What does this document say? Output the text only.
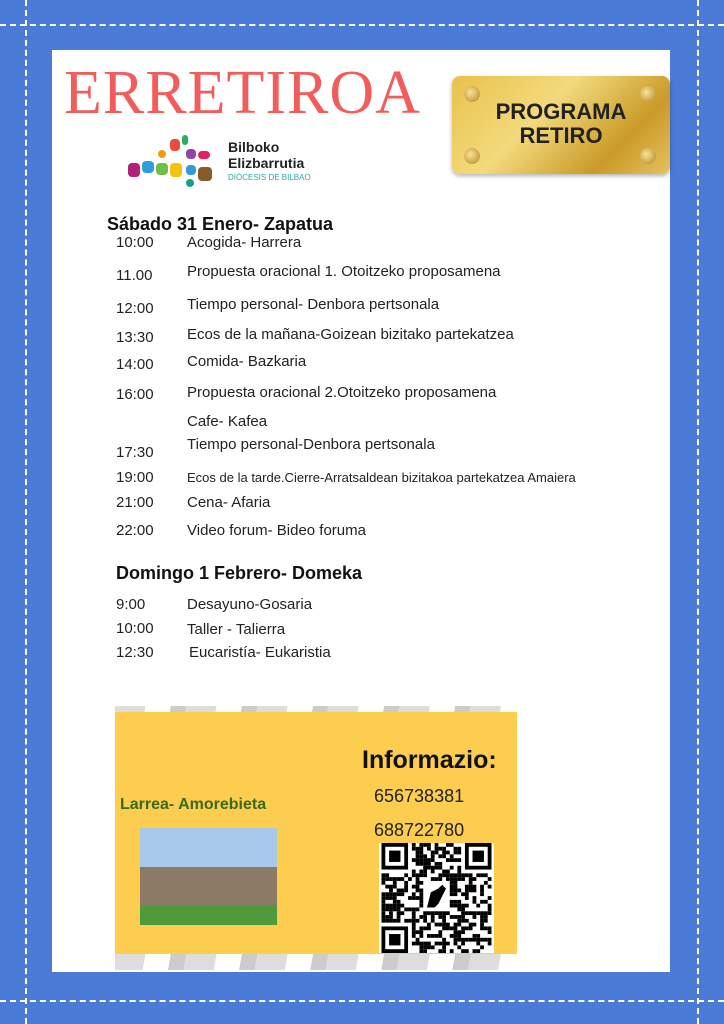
ERRETIROA	PROGRAMA
RETIRO
Bilboko
Elizbarrutia
DIÓCESIS DE BILBAO
Sábado 31 Enero- Zapatua
10:00 Acogida- Harrera
11.00 Propuesta oracional 1. Otoitzeko proposamena
12:00 Tiempo personal- Denbora pertsonala
13:30 Ecos de la mañana-Goizean bizitako partekatzea
14:00 Comida- Bazkaria
16:00 Propuesta oracional 2.Otoitzeko proposamena
Cafe- Kafea
17:30 Tiempo personal-Denbora pertsonala
19:00	Ecos de la tarde.Cierre-Arratsaldean bizitakoa partekatzea Amaiera
21:00 Cena- Afaria
22:00 Video forum- Bideo foruma
Domingo 1 Febrero- Domeka
9:00	Desayuno-Gosaria
10:00 Taller - Talierra
12:30 Eucaristía- Eukaristia
Larrea- Amorebieta
Informazio:
656738381
688722780
